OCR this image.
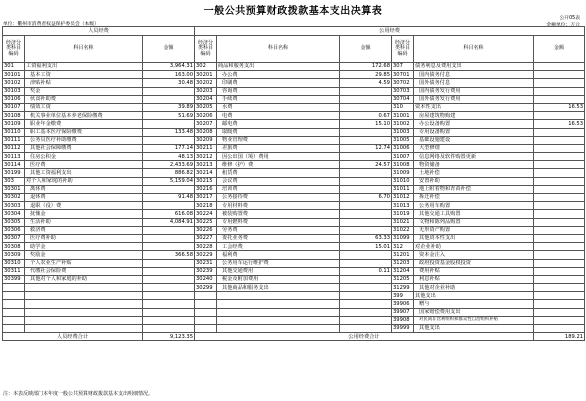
一般公共预算财政拨款基本支出决算表
公开05表
单位：衢州市消费者权益保护委员会（本级）	金额单位：万元
人员经费			公用经费					
经济分类科目编码	科目名称	金额	经济分类科目编码	科目名称	金额	经济分类科目编码	科目名称	金额
301	工资福利支出	3,964.31	302	商品和服务支出	172.68	307	债务利息及费用支出	
30101	基本工资	163.00	30201	办公费	29.85	30701	国内债务付息	
30102	津贴补贴	30.48	30202	印刷费	4.59	30702	国外债务付息	
30103	奖金		30203	咨询费		30703	国内债务发行费用	
30106	伙食补助费		30204	手续费		30704	国外债务发行费用	
30107	绩效工资	39.89	30205	水费		310	资本性支出	16.53
30108	机关事业单位基本养老保险缴费	51.69	30206	电费	0.67	31001	房屋建筑物购建	
30109	职业年金缴费		30207	邮电费	15.10	31002	办公设备购置	16.53
30110	职工基本医疗保险缴费	133.48	30208	取暖费		31003	专用设备购置	
30111	公务员医疗补助缴费		30209	物业管理费		31005	基础设施建设	
30112	其他社会保障缴费	177.14	30211	差旅费	12.74	31006	大型修缮	
30113	住房公积金	48.13	30212	因公出国（境）费用		31007	信息网络及软件购置更新	
30114	医疗费	2,433.69	30213	维修（护）费	24.57	31008	物资储备	
30199	其他工资福利支出	886.82	30214	租赁费		31009	土地补偿	
303	对个人和家庭的补助	5,159.04	30215	会议费		31010	安置补助	
30301	离休费		30216	培训费		31011	地上附着物和青苗补偿	
30302	退休费	91.48	30217	公务接待费	6.70	31012	拆迁补偿	
30303	退职（役）费		30218	专用材料费		31013	公务用车购置	
30304	抚恤金	616.08	30224	被装购置费		31019	其他交通工具购置	
30305	生活补助	4,084.91	30225	专用燃料费		31021	文物和陈列品购置	
30306	救济费		30226	劳务费		31022	无形资产购置	
30307	医疗费补助		30227	委托业务费	63.33	31099	其他资本性支出	
30308	助学金		30228	工会经费	15.01	312	对企业补助	
30309	奖励金	366.58	30229	福利费		31201	资本金注入	
30310	个人农业生产补贴		30231	公务用车运行维护费		31203	政府投资基金股权投资	
30311	代缴社会保险费		30239	其他交通费用	0.11	31204	费用补贴	
30399	其他对个人和家庭的补助		30240	税金及附加费用		31205	利息补贴	
			30299	其他商品和服务支出		31299	其他对企业补助	
						399	其他支出	
						39906	赠与	
						39907	国家赔偿费用支出	
						39908	对民间非营利组织和群众性自治组织补贴	
						39999	其他支出	
人员经费合计		9,123.35	公用经费合计					189.21
注：本表反映部门本年度一般公共预算财政拨款基本支出明细情况。
